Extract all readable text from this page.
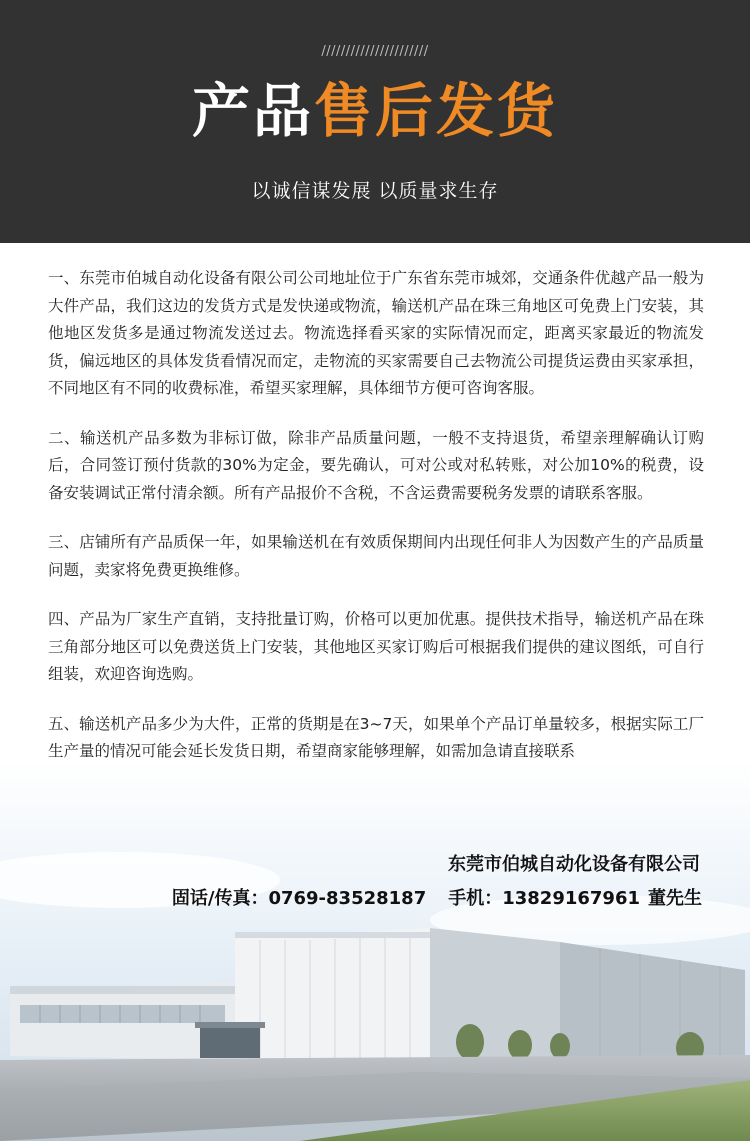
//////////////////////
产品售后发货
以诚信谋发展 以质量求生存

一、东莞市伯城自动化设备有限公司公司地址位于广东省东莞市城郊，交通条件优越产品一般为大件产品，我们这边的发货方式是发快递或物流，输送机产品在珠三角地区可免费上门安装，其他地区发货多是通过物流发送过去。物流选择看买家的实际情况而定，距离买家最近的物流发货，偏远地区的具体发货看情况而定，走物流的买家需要自己去物流公司提货运费由买家承担，不同地区有不同的收费标准，希望买家理解，具体细节方便可咨询客服。

二、输送机产品多数为非标订做，除非产品质量问题，一般不支持退货，希望亲理解确认订购后，合同签订预付货款的30%为定金，要先确认，可对公或对私转账，对公加10%的税费，设备安装调试正常付清余额。所有产品报价不含税，不含运费需要税务发票的请联系客服。

三、店铺所有产品质保一年，如果输送机在有效质保期间内出现任何非人为因数产生的产品质量问题，卖家将免费更换维修。

四、产品为厂家生产直销，支持批量订购，价格可以更加优惠。提供技术指导，输送机产品在珠三角部分地区可以免费送货上门安装，其他地区买家订购后可根据我们提供的建议图纸，可自行组装，欢迎咨询选购。

五、输送机产品多少为大件，正常的货期是在3~7天，如果单个产品订单量较多，根据实际工厂生产量的情况可能会延长发货日期，希望商家能够理解，如需加急请直接联系

东莞市伯城自动化设备有限公司
固话/传真：0769-83528187 手机：13829167961 董先生
